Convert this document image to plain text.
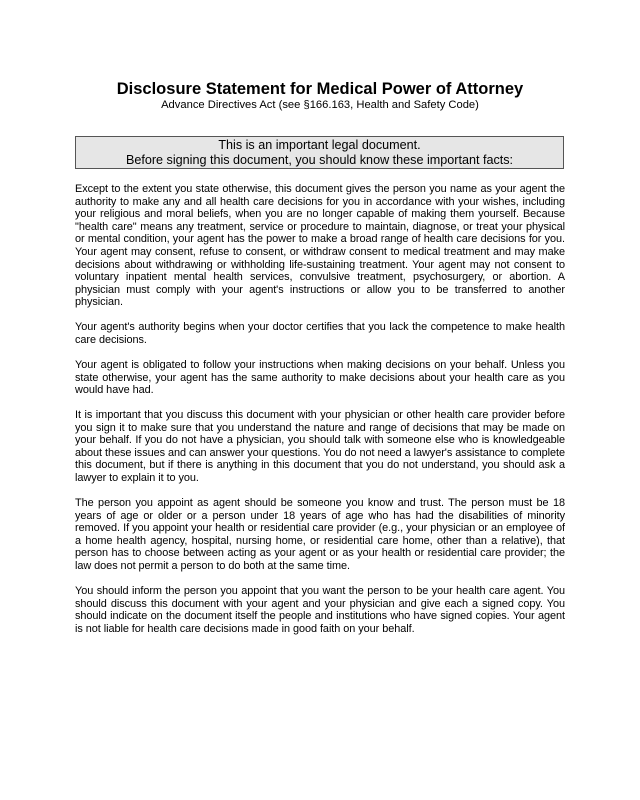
Disclosure Statement for Medical Power of Attorney

Advance Directives Act (see §166.163, Health and Safety Code)

This is an important legal document.
Before signing this document, you should know these important facts:

Except to the extent you state otherwise, this document gives the person you name as your agent the authority to make any and all health care decisions for you in accordance with your wishes, including your religious and moral beliefs, when you are no longer capable of making them yourself. Because "health care" means any treatment, service or procedure to maintain, diagnose, or treat your physical or mental condition, your agent has the power to make a broad range of health care decisions for you. Your agent may consent, refuse to consent, or withdraw consent to medical treatment and may make decisions about withdrawing or withholding life-sustaining treatment. Your agent may not consent to voluntary inpatient mental health services, convulsive treatment, psychosurgery, or abortion. A physician must comply with your agent's instructions or allow you to be transferred to another physician.

Your agent's authority begins when your doctor certifies that you lack the competence to make health care decisions.

Your agent is obligated to follow your instructions when making decisions on your behalf. Unless you state otherwise, your agent has the same authority to make decisions about your health care as you would have had.

It is important that you discuss this document with your physician or other health care provider before you sign it to make sure that you understand the nature and range of decisions that may be made on your behalf. If you do not have a physician, you should talk with someone else who is knowledgeable about these issues and can answer your questions. You do not need a lawyer's assistance to complete this document, but if there is anything in this document that you do not understand, you should ask a lawyer to explain it to you.

The person you appoint as agent should be someone you know and trust. The person must be 18 years of age or older or a person under 18 years of age who has had the disabilities of minority removed. If you appoint your health or residential care provider (e.g., your physician or an employee of a home health agency, hospital, nursing home, or residential care home, other than a relative), that person has to choose between acting as your agent or as your health or residential care provider; the law does not permit a person to do both at the same time.

You should inform the person you appoint that you want the person to be your health care agent. You should discuss this document with your agent and your physician and give each a signed copy. You should indicate on the document itself the people and institutions who have signed copies. Your agent is not liable for health care decisions made in good faith on your behalf.
